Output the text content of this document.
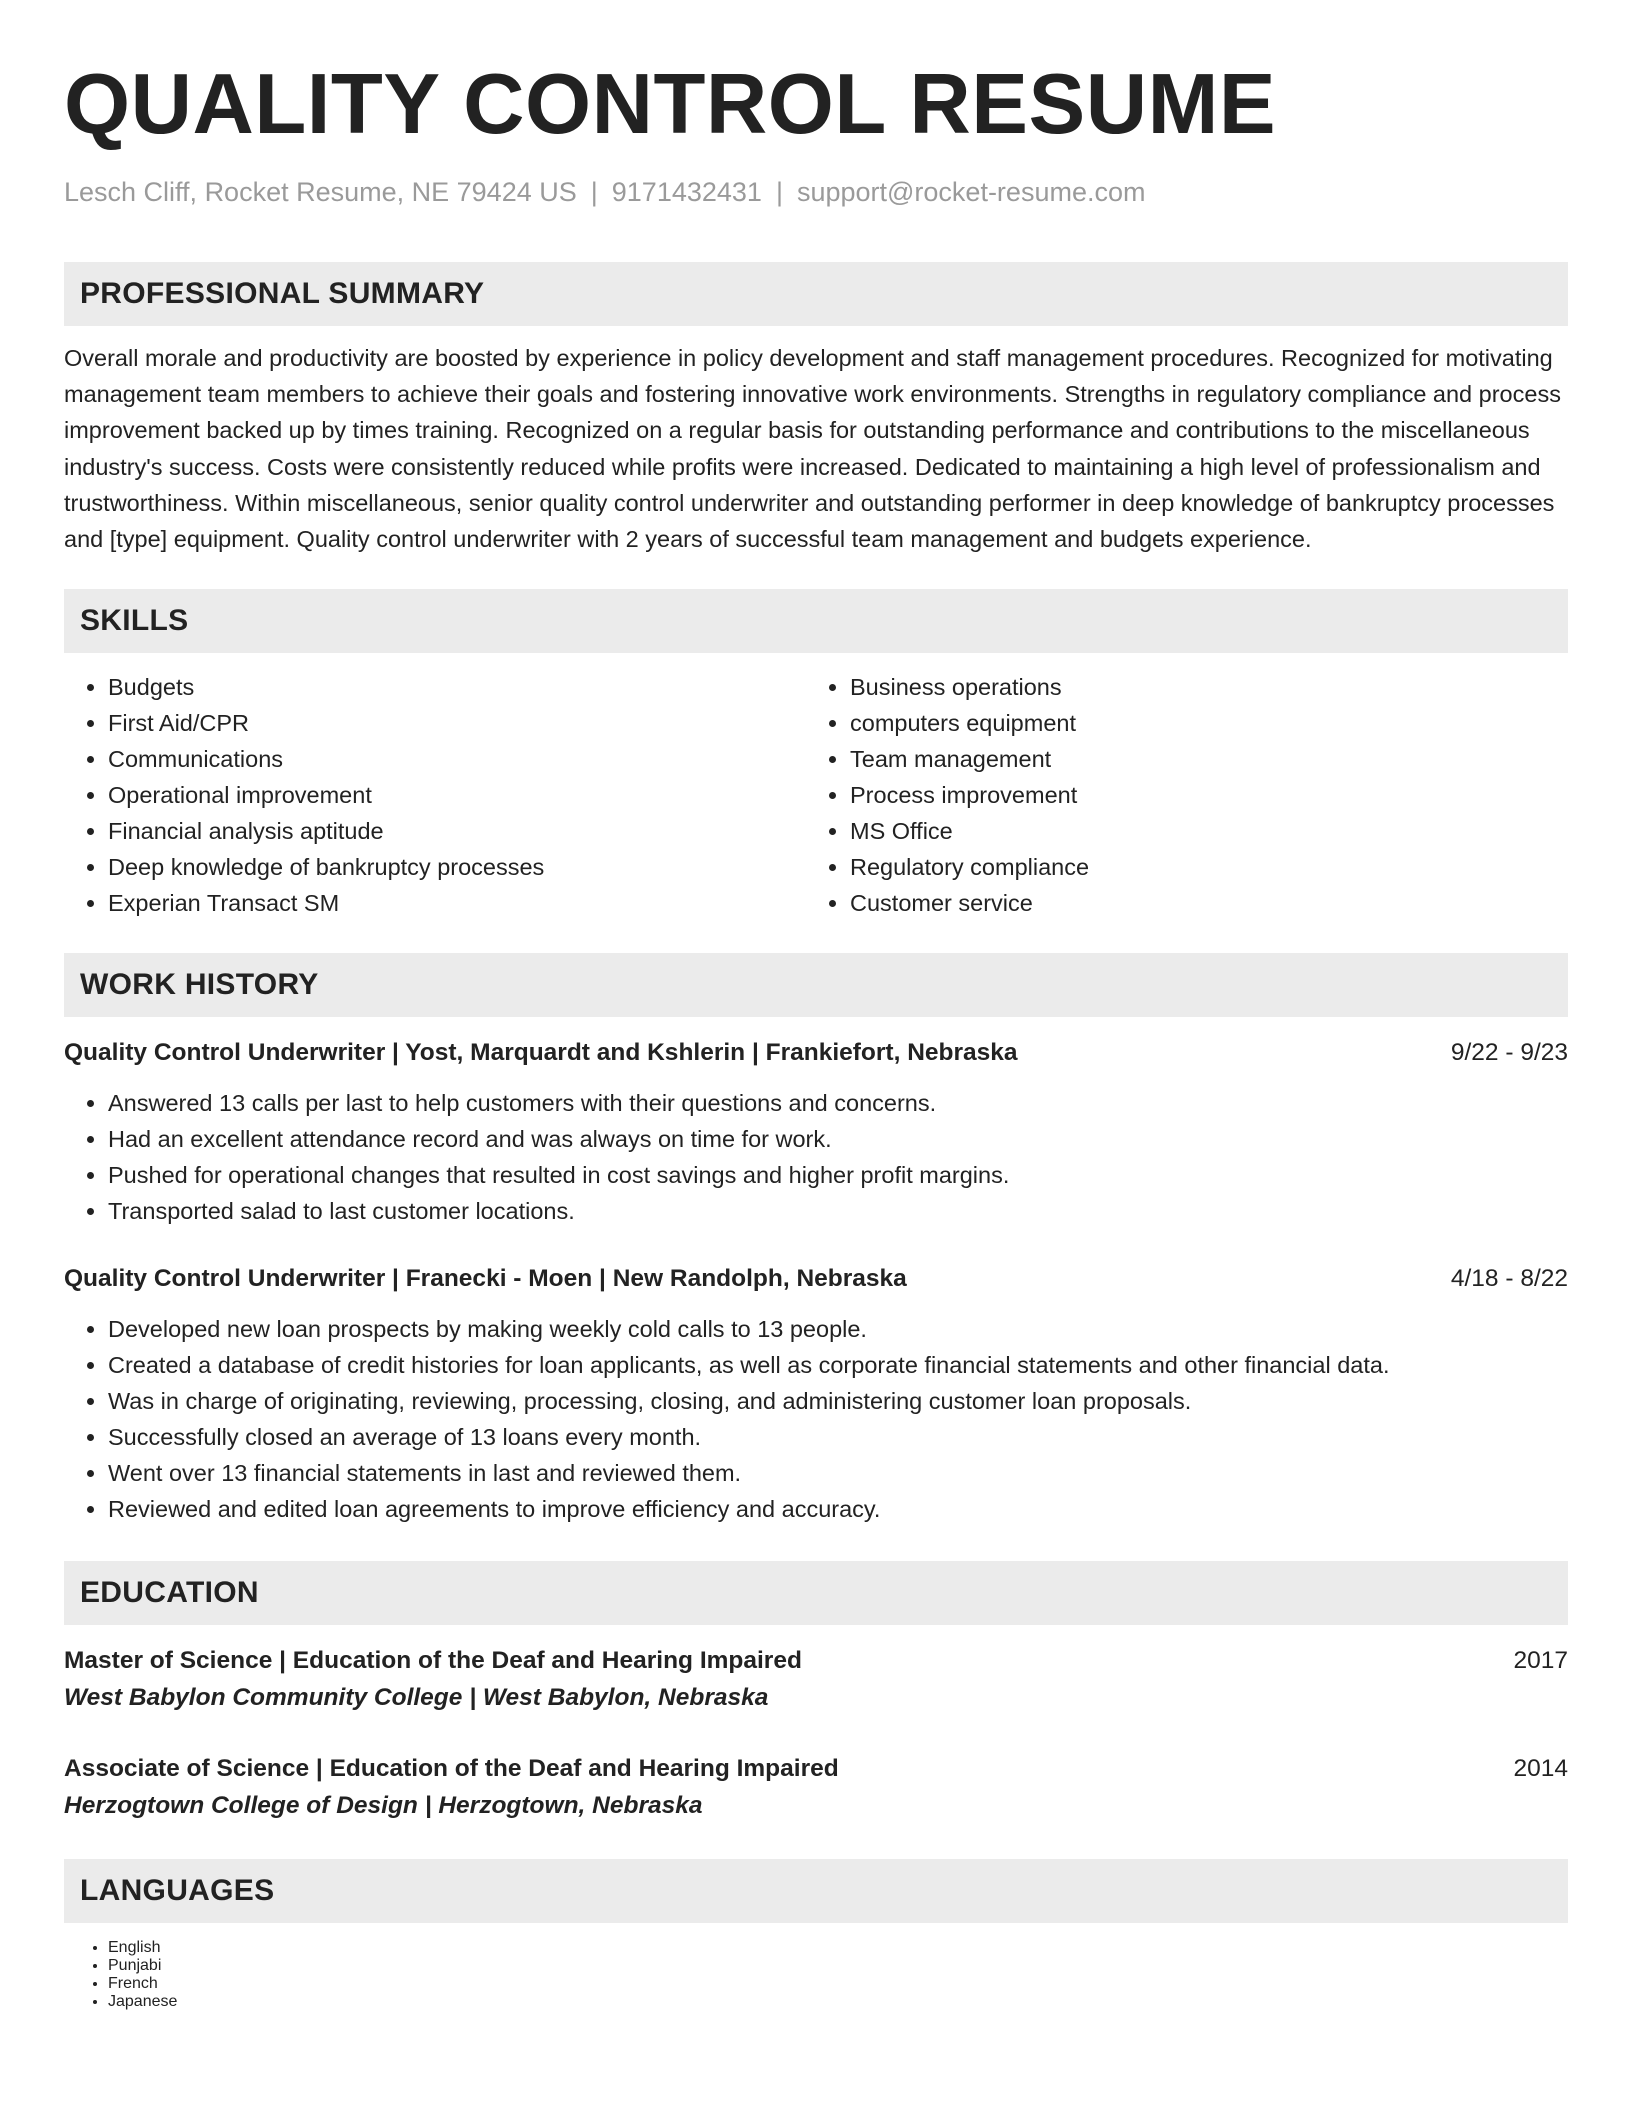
QUALITY CONTROL RESUME
Lesch Cliff, Rocket Resume, NE 79424 US | 9171432431 | support@rocket-resume.com
PROFESSIONAL SUMMARY
Overall morale and productivity are boosted by experience in policy development and staff management procedures. Recognized for motivating management team members to achieve their goals and fostering innovative work environments. Strengths in regulatory compliance and process improvement backed up by times training. Recognized on a regular basis for outstanding performance and contributions to the miscellaneous industry's success. Costs were consistently reduced while profits were increased. Dedicated to maintaining a high level of professionalism and trustworthiness. Within miscellaneous, senior quality control underwriter and outstanding performer in deep knowledge of bankruptcy processes and [type] equipment. Quality control underwriter with 2 years of successful team management and budgets experience.
SKILLS
• Budgets
• First Aid/CPR
• Communications
• Operational improvement
• Financial analysis aptitude
• Deep knowledge of bankruptcy processes
• Experian Transact SM
• Business operations
• computers equipment
• Team management
• Process improvement
• MS Office
• Regulatory compliance
• Customer service
WORK HISTORY
Quality Control Underwriter | Yost, Marquardt and Kshlerin | Frankiefort, Nebraska	9/22 - 9/23
• Answered 13 calls per last to help customers with their questions and concerns.
• Had an excellent attendance record and was always on time for work.
• Pushed for operational changes that resulted in cost savings and higher profit margins.
• Transported salad to last customer locations.
Quality Control Underwriter | Franecki - Moen | New Randolph, Nebraska	4/18 - 8/22
• Developed new loan prospects by making weekly cold calls to 13 people.
• Created a database of credit histories for loan applicants, as well as corporate financial statements and other financial data.
• Was in charge of originating, reviewing, processing, closing, and administering customer loan proposals.
• Successfully closed an average of 13 loans every month.
• Went over 13 financial statements in last and reviewed them.
• Reviewed and edited loan agreements to improve efficiency and accuracy.
EDUCATION
Master of Science | Education of the Deaf and Hearing Impaired	2017
West Babylon Community College | West Babylon, Nebraska
Associate of Science | Education of the Deaf and Hearing Impaired	2014
Herzogtown College of Design | Herzogtown, Nebraska
LANGUAGES
• English
• Punjabi
• French
• Japanese
